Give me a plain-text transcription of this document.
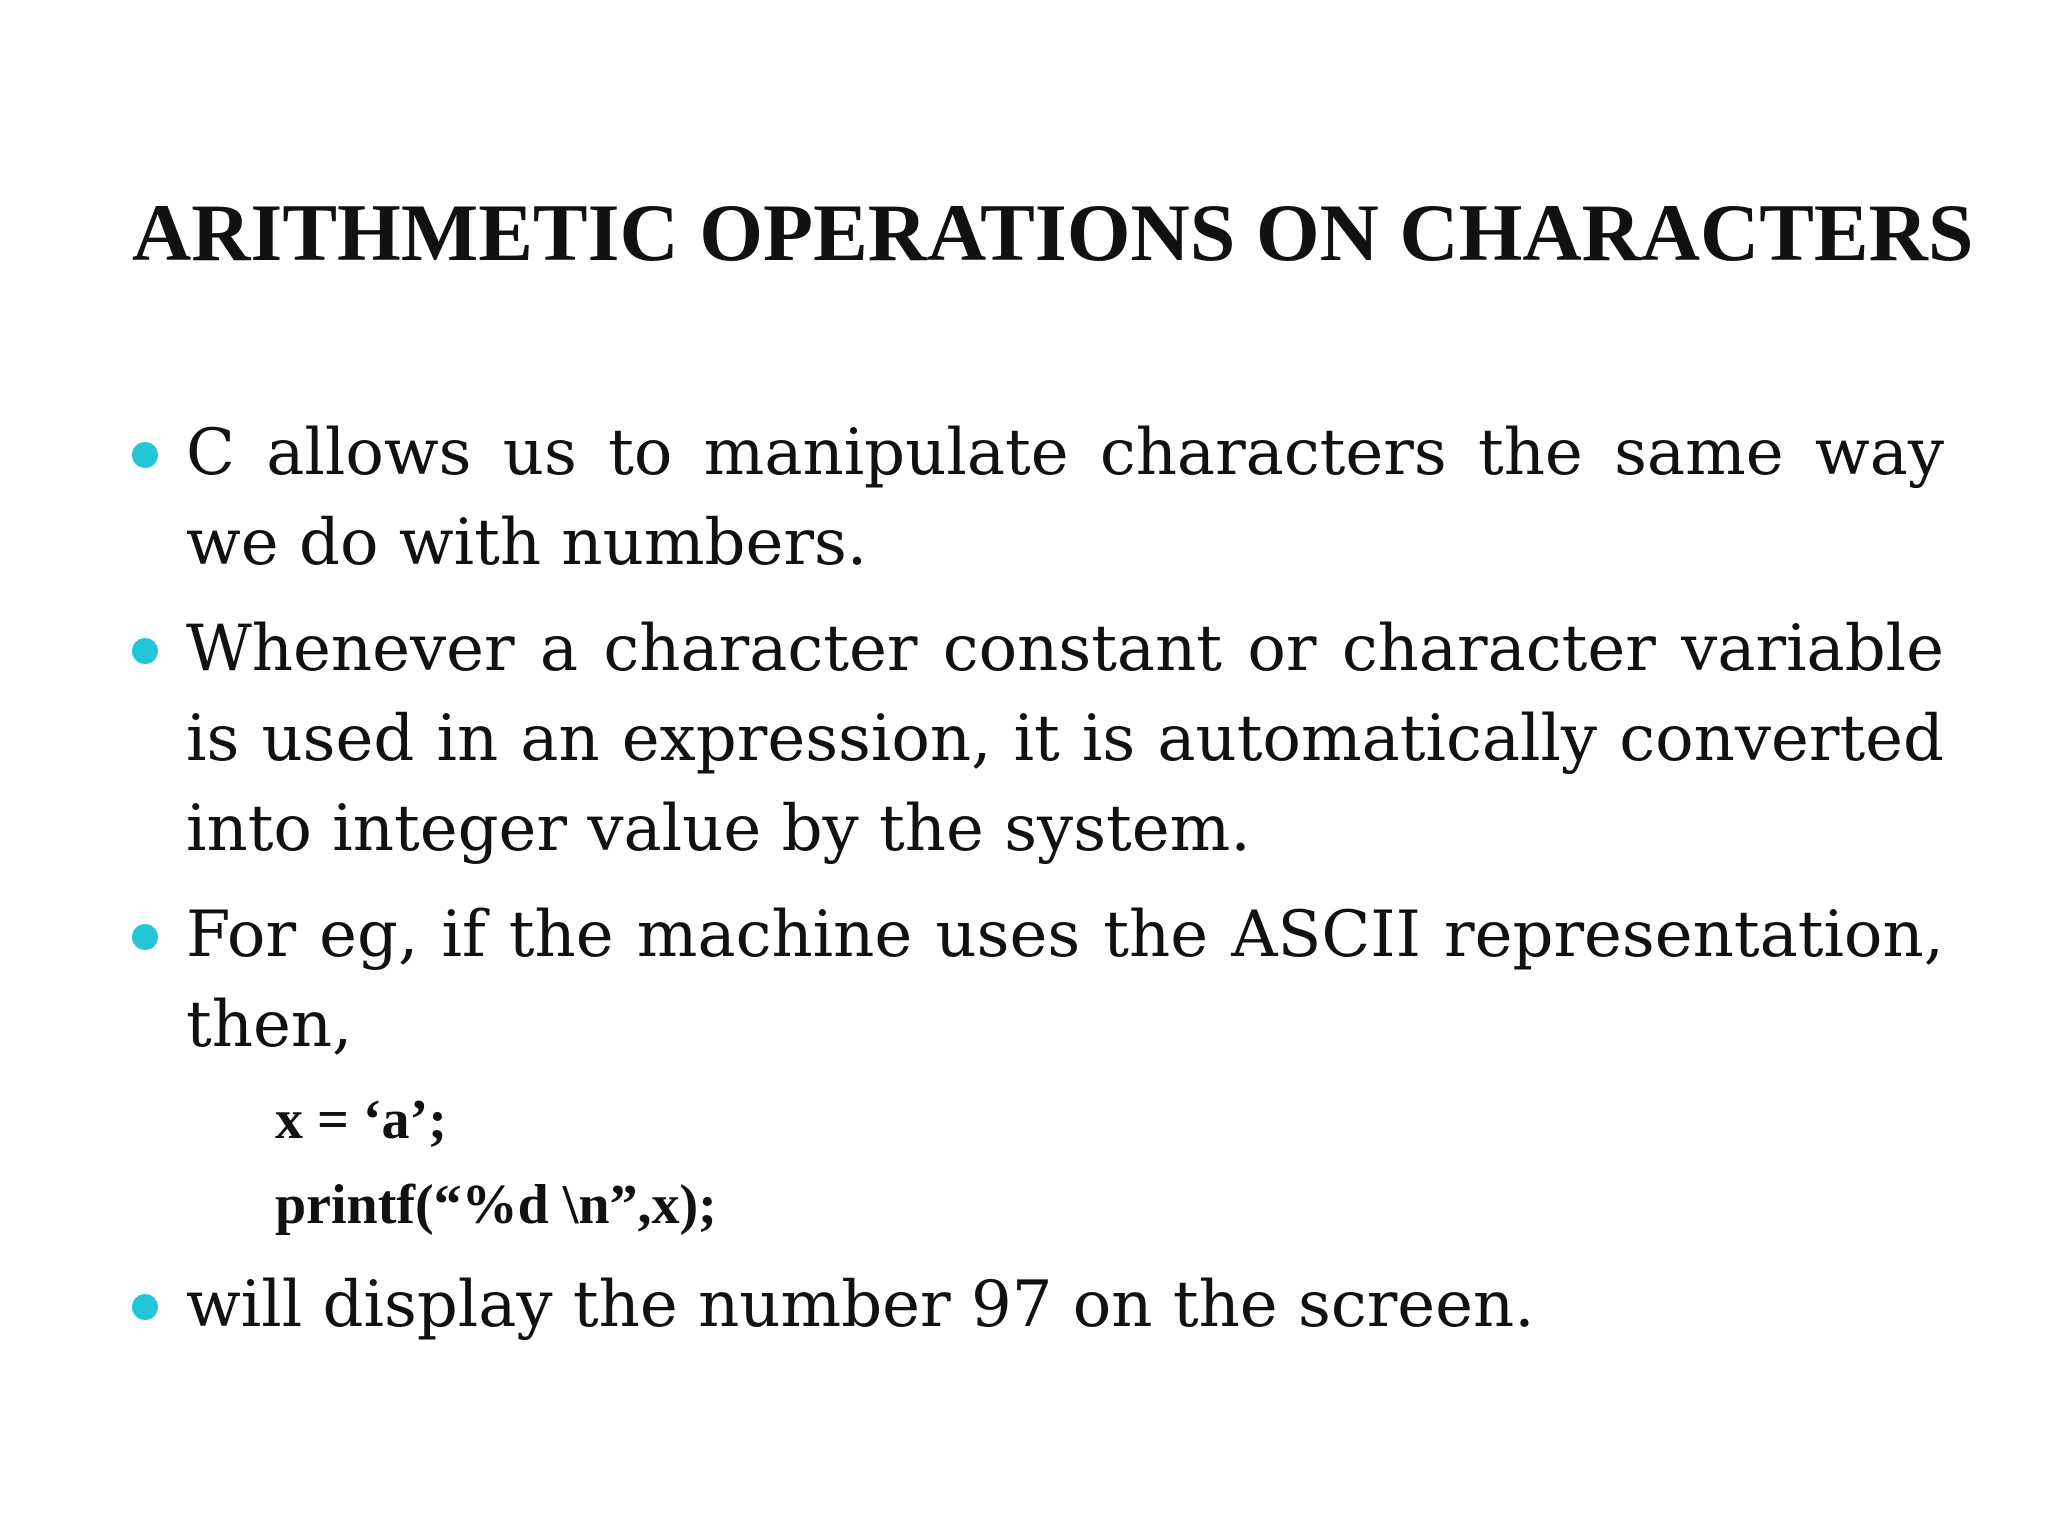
ARITHMETIC OPERATIONS ON CHARACTERS
C allows us to manipulate characters the same way we do with numbers.
Whenever a character constant or character variable is used in an expression, it is automatically converted into integer value by the system.
For eg, if the machine uses the ASCII representation, then,
x = ‘a’;
printf(“%d \n”,x);
will display the number 97 on the screen.
